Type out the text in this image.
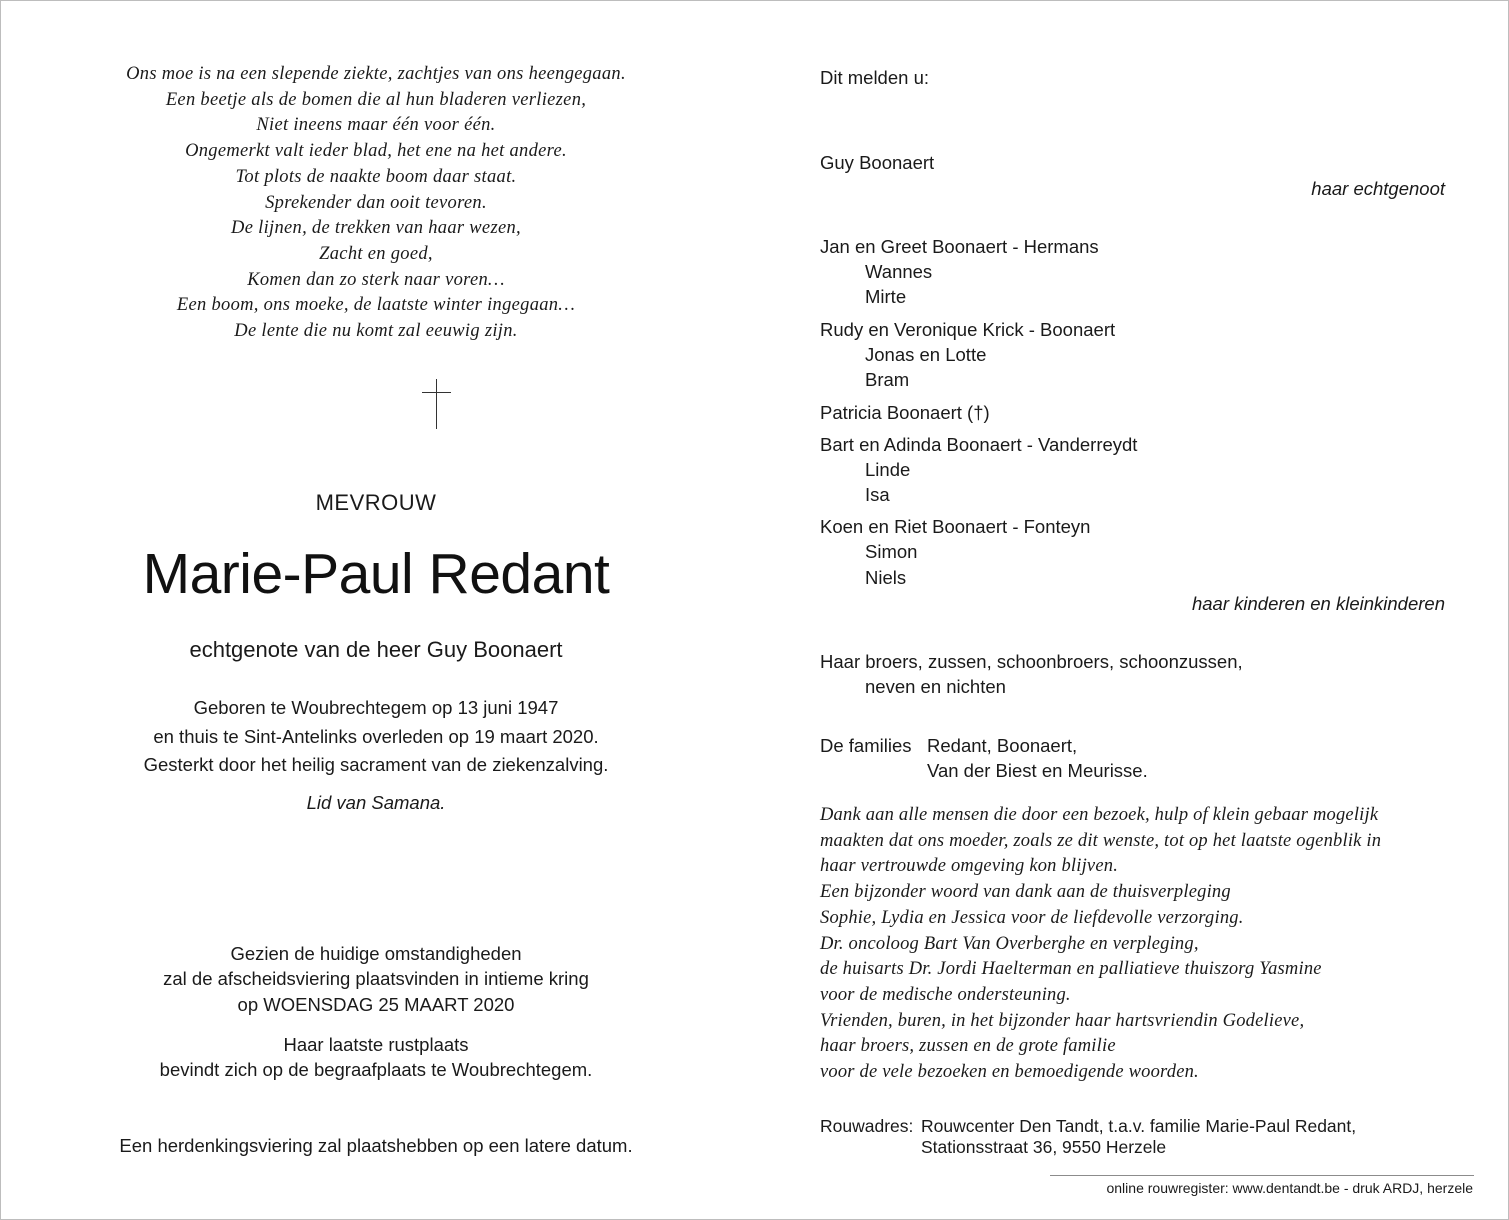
Ons moe is na een slepende ziekte, zachtjes van ons heengegaan.
Een beetje als de bomen die al hun bladeren verliezen,
Niet ineens maar één voor één.
Ongemerkt valt ieder blad, het ene na het andere.
Tot plots de naakte boom daar staat.
Sprekender dan ooit tevoren.
De lijnen, de trekken van haar wezen,
Zacht en goed,
Komen dan zo sterk naar voren…
Een boom, ons moeke, de laatste winter ingegaan…
De lente die nu komt zal eeuwig zijn.
MEVROUW
Marie-Paul Redant
echtgenote van de heer Guy Boonaert
Geboren te Woubrechtegem op 13 juni 1947
en thuis te Sint-Antelinks overleden op 19 maart 2020.
Gesterkt door het heilig sacrament van de ziekenzalving.
Lid van Samana.
Gezien de huidige omstandigheden
zal de afscheidsviering plaatsvinden in intieme kring
op WOENSDAG 25 MAART 2020
Haar laatste rustplaats
bevindt zich op de begraafplaats te Woubrechtegem.
Een herdenkingsviering zal plaatshebben op een latere datum.
Dit melden u:
Guy Boonaert
haar echtgenoot
Jan en Greet Boonaert - Hermans
Wannes
Mirte
Rudy en Veronique Krick - Boonaert
Jonas en Lotte
Bram
Patricia Boonaert (†)
Bart en Adinda Boonaert - Vanderreydt
Linde
Isa
Koen en Riet Boonaert - Fonteyn
Simon
Niels
haar kinderen en kleinkinderen
Haar broers, zussen, schoonbroers, schoonzussen,
neven en nichten
De families Redant, Boonaert,
Van der Biest en Meurisse.
Dank aan alle mensen die door een bezoek, hulp of klein gebaar mogelijk
maakten dat ons moeder, zoals ze dit wenste, tot op het laatste ogenblik in
haar vertrouwde omgeving kon blijven.
Een bijzonder woord van dank aan de thuisverpleging
Sophie, Lydia en Jessica voor de liefdevolle verzorging.
Dr. oncoloog Bart Van Overberghe en verpleging,
de huisarts Dr. Jordi Haelterman en palliatieve thuiszorg Yasmine
voor de medische ondersteuning.
Vrienden, buren, in het bijzonder haar hartsvriendin Godelieve,
haar broers, zussen en de grote familie
voor de vele bezoeken en bemoedigende woorden.
Rouwadres: Rouwcenter Den Tandt, t.a.v. familie Marie-Paul Redant,
Stationsstraat 36, 9550 Herzele
online rouwregister: www.dentandt.be - druk ARDJ, herzele
